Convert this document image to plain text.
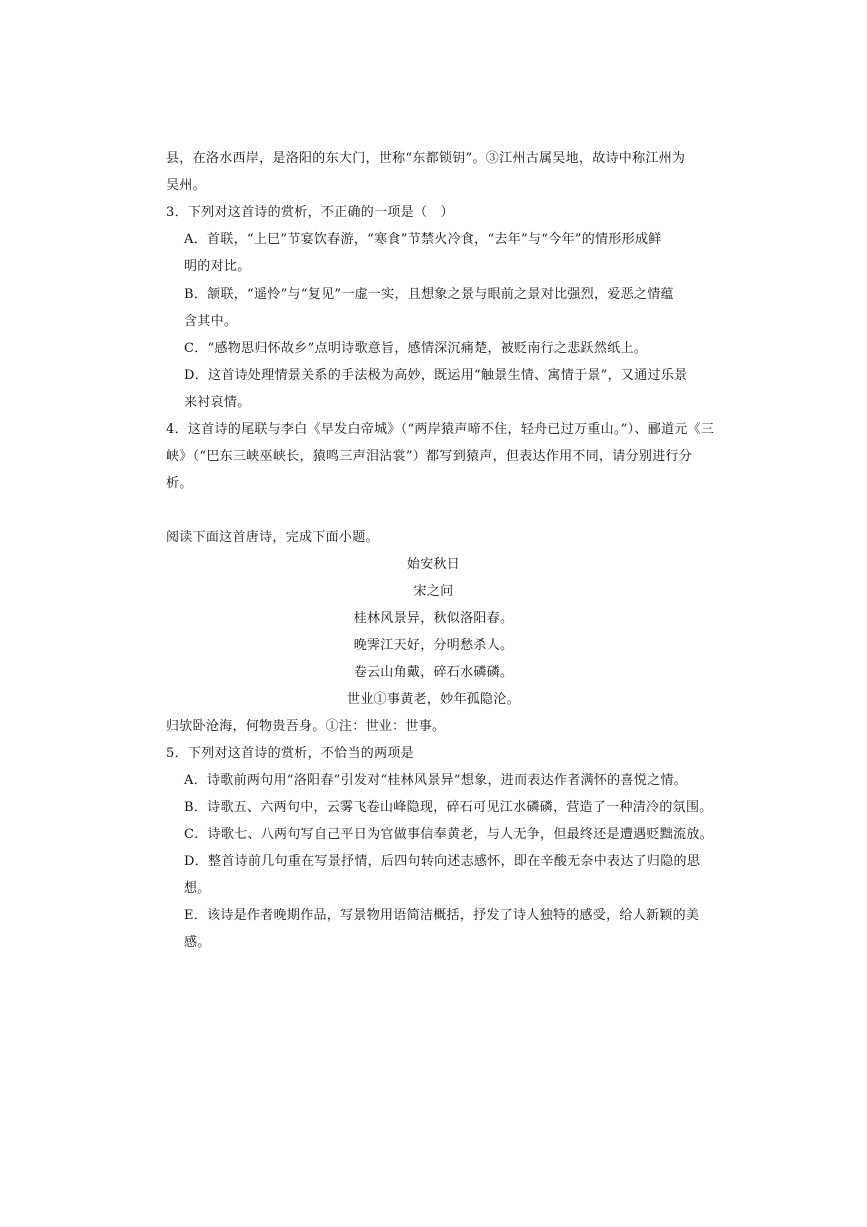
县，在洛水西岸，是洛阳的东大门，世称“东都锁钥”。③江州古属吴地，故诗中称江州为
吴州。
3．下列对这首诗的赏析，不正确的一项是（　）
A．首联，“上巳”节宴饮春游，“寒食”节禁火冷食，“去年”与“今年”的情形形成鲜
明的对比。
B．颔联，“遥怜”与“复见”一虚一实，且想象之景与眼前之景对比强烈，爱恶之情蕴
含其中。
C．“感物思归怀故乡”点明诗歌意旨，感情深沉痛楚，被贬南行之悲跃然纸上。
D．这首诗处理情景关系的手法极为高妙，既运用“触景生情、寓情于景”，又通过乐景
来衬哀情。
4．这首诗的尾联与李白《早发白帝城》（“两岸猿声啼不住，轻舟已过万重山。”）、郦道元《三
峡》（“巴东三峡巫峡长，猿鸣三声泪沾裳”）都写到猿声，但表达作用不同，请分别进行分
析。
阅读下面这首唐诗，完成下面小题。
始安秋日
宋之问
桂林风景异，秋似洛阳春。
晚霁江天好，分明愁杀人。
卷云山角戴，碎石水磷磷。
世业①事黄老，妙年孤隐沦。
归欤卧沧海，何物贵吾身。①注：世业：世事。
5．下列对这首诗的赏析，不恰当的两项是
A．诗歌前两句用“洛阳春”引发对“桂林风景异”想象，进而表达作者满怀的喜悦之情。
B．诗歌五、六两句中，云雾飞卷山峰隐现，碎石可见江水磷磷，营造了一种清冷的氛围。
C．诗歌七、八两句写自己平日为官做事信奉黄老，与人无争，但最终还是遭遇贬黜流放。
D．整首诗前几句重在写景抒情，后四句转向述志感怀，即在辛酸无奈中表达了归隐的思
想。
E．该诗是作者晚期作品，写景物用语简洁概括，抒发了诗人独特的感受，给人新颖的美
感。
